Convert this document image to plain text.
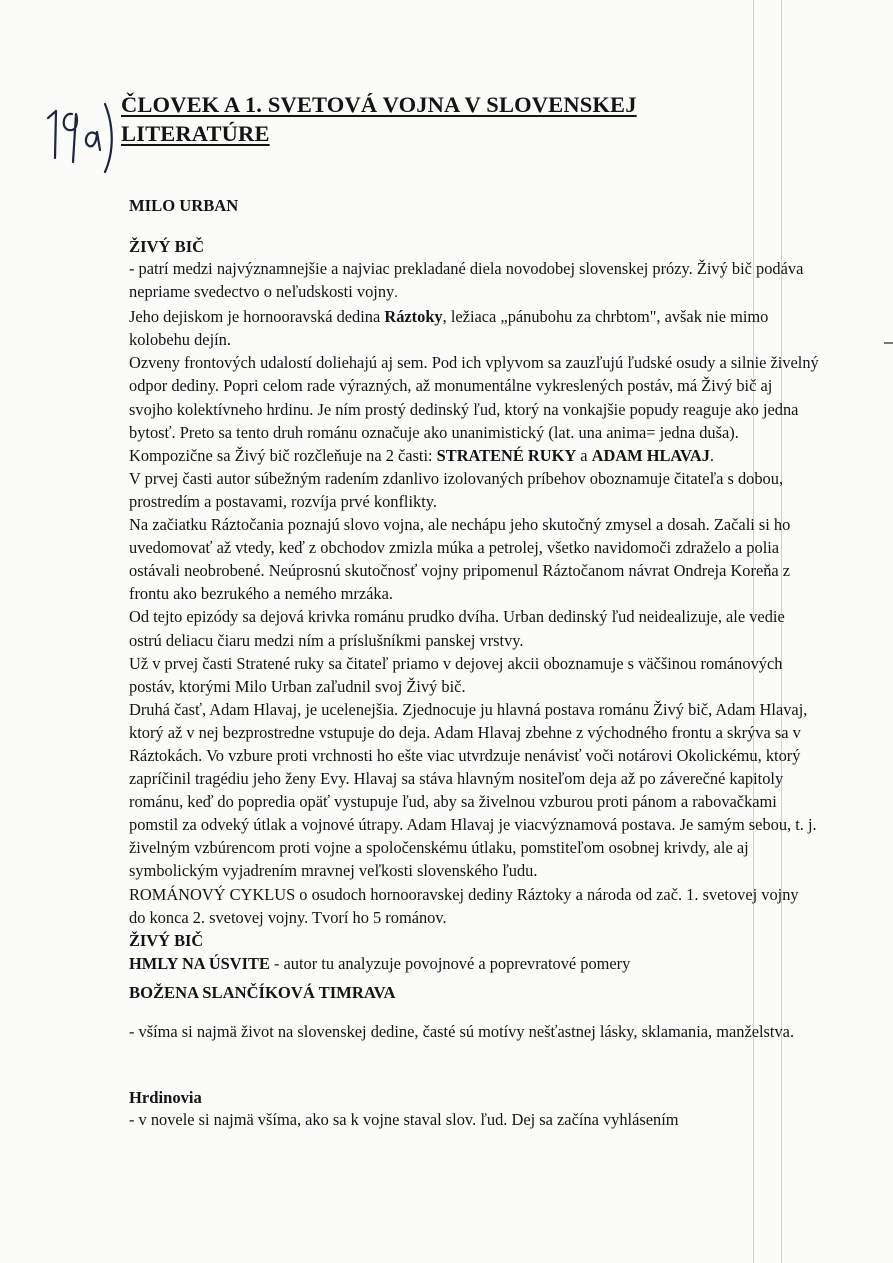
ČLOVEK A 1. SVETOVÁ VOJNA V SLOVENSKEJ
LITERATÚRE
MILO URBAN
ŽIVÝ BIČ

- patrí medzi najvýznamnejšie a najviac prekladané diela novodobej slovenskej prózy. Živý bič podáva nepriame svedectvo o neľudskosti vojny.

Jeho dejiskom je hornooravská dedina Ráztoky, ležiaca „pánubohu za chrbtom", avšak nie mimo kolobehu dejín.

Ozveny frontových udalostí doliehajú aj sem. Pod ich vplyvom sa zauzľujú ľudské osudy a silnie živelný odpor dediny. Popri celom rade výrazných, až monumentálne vykreslených postáv, má Živý bič aj svojho kolektívneho hrdinu. Je ním prostý dedinský ľud, ktorý na vonkajšie popudy reaguje ako jedna bytosť. Preto sa tento druh románu označuje ako unanimistický (lat. una anima= jedna duša).

Kompozične sa Živý bič rozčleňuje na 2 časti: STRATENÉ RUKY a ADAM HLAVAJ.

V prvej časti autor súbežným radením zdanlivo izolovaných príbehov oboznamuje čitateľa s dobou, prostredím a postavami, rozvíja prvé konflikty.

Na začiatku Ráztočania poznajú slovo vojna, ale nechápu jeho skutočný zmysel a dosah. Začali si ho uvedomovať až vtedy, keď z obchodov zmizla múka a petrolej, všetko navidomoči zdraželo a polia ostávali neobrobené. Neúprosnú skutočnosť vojny pripomenul Ráztočanom návrat Ondreja Koreňa z frontu ako bezrukého a nemého mrzáka.

Od tejto epizódy sa dejová krivka románu prudko dvíha. Urban dedinský ľud neidealizuje, ale vedie ostrú deliacu čiaru medzi ním a príslušníkmi panskej vrstvy.

Už v prvej časti Stratené ruky sa čitateľ priamo v dejovej akcii oboznamuje s väčšinou románových postáv, ktorými Milo Urban zaľudnil svoj Živý bič.

Druhá časť, Adam Hlavaj, je ucelenejšia. Zjednocuje ju hlavná postava románu Živý bič, Adam Hlavaj, ktorý až v nej bezprostredne vstupuje do deja. Adam Hlavaj zbehne z východného frontu a skrýva sa v Ráztokách. Vo vzbure proti vrchnosti ho ešte viac utvrdzuje nenávisť voči notárovi Okolickému, ktorý zapríčinil tragédiu jeho ženy Evy. Hlavaj sa stáva hlavným nositeľom deja až po záverečné kapitoly románu, keď do popredia opäť vystupuje ľud, aby sa živelnou vzburou proti pánom a rabovačkami pomstil za odveký útlak a vojnové útrapy. Adam Hlavaj je viacvýznamová postava. Je samým sebou, t. j. živelným vzbúrencom proti vojne a spoločenskému útlaku, pomstiteľom osobnej krivdy, ale aj symbolickým vyjadrením mravnej veľkosti slovenského ľudu.

ROMÁNOVÝ CYKLUS o osudoch hornooravskej dediny Ráztoky a národa od zač. 1. svetovej vojny do konca 2. svetovej vojny. Tvorí ho 5 románov.

ŽIVÝ BIČ

HMLY NA ÚSVITE - autor tu analyzuje povojnové a poprevratové pomery

BOŽENA SLANČÍKOVÁ TIMRAVA

- všíma si najmä život na slovenskej dedine, časté sú motívy nešťastnej lásky, sklamania, manželstva.

Hrdinovia

- v novele si najmä všíma, ako sa k vojne staval slov. ľud. Dej sa začína vyhlásením
